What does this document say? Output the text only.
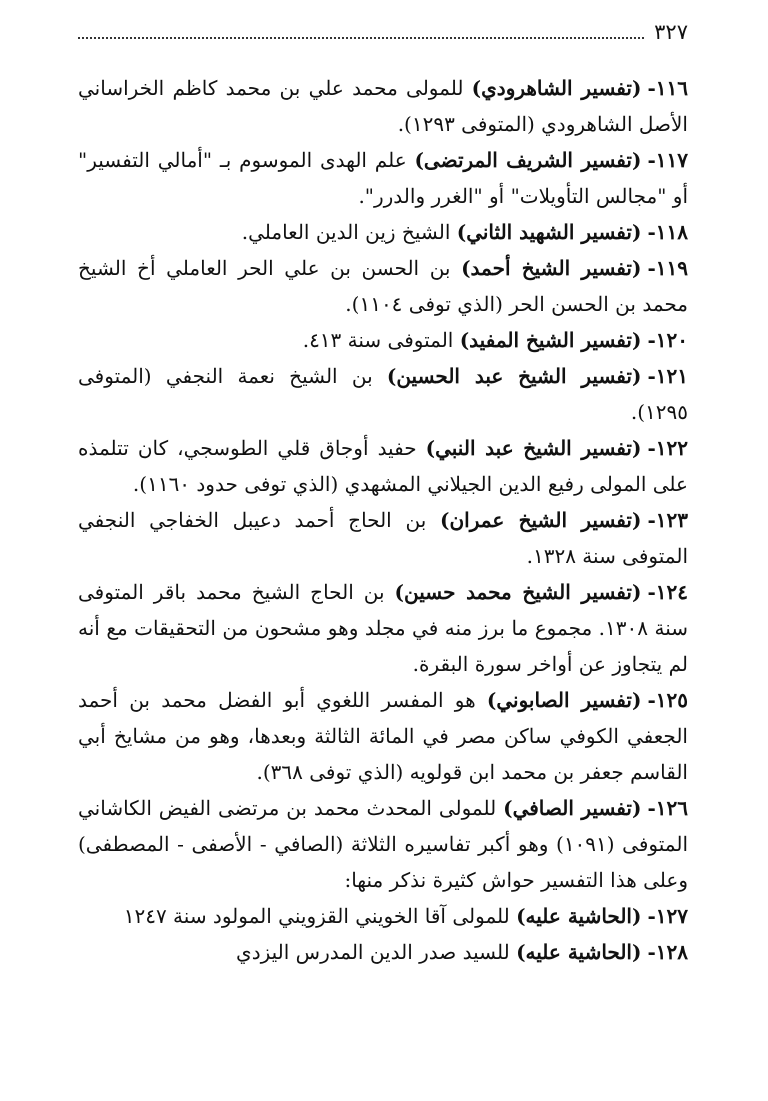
٣٢٧

١١٦-(تفسير الشاهرودي) للمولى محمد علي بن محمد كاظم الخراساني الأصل الشاهرودي (المتوفى ١٢٩٣).

١١٧-(تفسير الشريف المرتضى) علم الهدى الموسوم بـ "أمالي التفسير" أو "مجالس التأويلات" أو "الغرر والدرر".

١١٨-(تفسير الشهيد الثاني) الشيخ زين الدين العاملي.

١١٩-(تفسير الشيخ أحمد) بن الحسن بن علي الحر العاملي أخ الشيخ محمد بن الحسن الحر (الذي توفى ١١٠٤).

١٢٠-(تفسير الشيخ المفيد) المتوفى سنة ٤١٣.

١٢١-(تفسير الشيخ عبد الحسين) بن الشيخ نعمة النجفي (المتوفى ١٢٩٥).

١٢٢-(تفسير الشيخ عبد النبي) حفيد أوجاق قلي الطوسجي، كان تتلمذه على المولى رفيع الدين الجيلاني المشهدي (الذي توفى حدود ١١٦٠).

١٢٣-(تفسير الشيخ عمران) بن الحاج أحمد دعيبل الخفاجي النجفي المتوفى سنة ١٣٢٨.

١٢٤-(تفسير الشيخ محمد حسين) بن الحاج الشيخ محمد باقر المتوفى سنة ١٣٠٨. مجموع ما برز منه في مجلد وهو مشحون من التحقيقات مع أنه لم يتجاوز عن أواخر سورة البقرة.

١٢٥-(تفسير الصابوني) هو المفسر اللغوي أبو الفضل محمد بن أحمد الجعفي الكوفي ساكن مصر في المائة الثالثة وبعدها، وهو من مشايخ أبي القاسم جعفر بن محمد ابن قولويه (الذي توفى ٣٦٨).

١٢٦-(تفسير الصافي) للمولى المحدث محمد بن مرتضى الفيض الكاشاني المتوفى (١٠٩١) وهو أكبر تفاسيره الثلاثة (الصافي - الأصفى - المصطفى) وعلى هذا التفسير حواش كثيرة نذكر منها:

١٢٧-(الحاشية عليه) للمولى آقا الخويني القزويني المولود سنة ١٢٤٧

١٢٨-(الحاشية عليه) للسيد صدر الدين المدرس اليزدي
